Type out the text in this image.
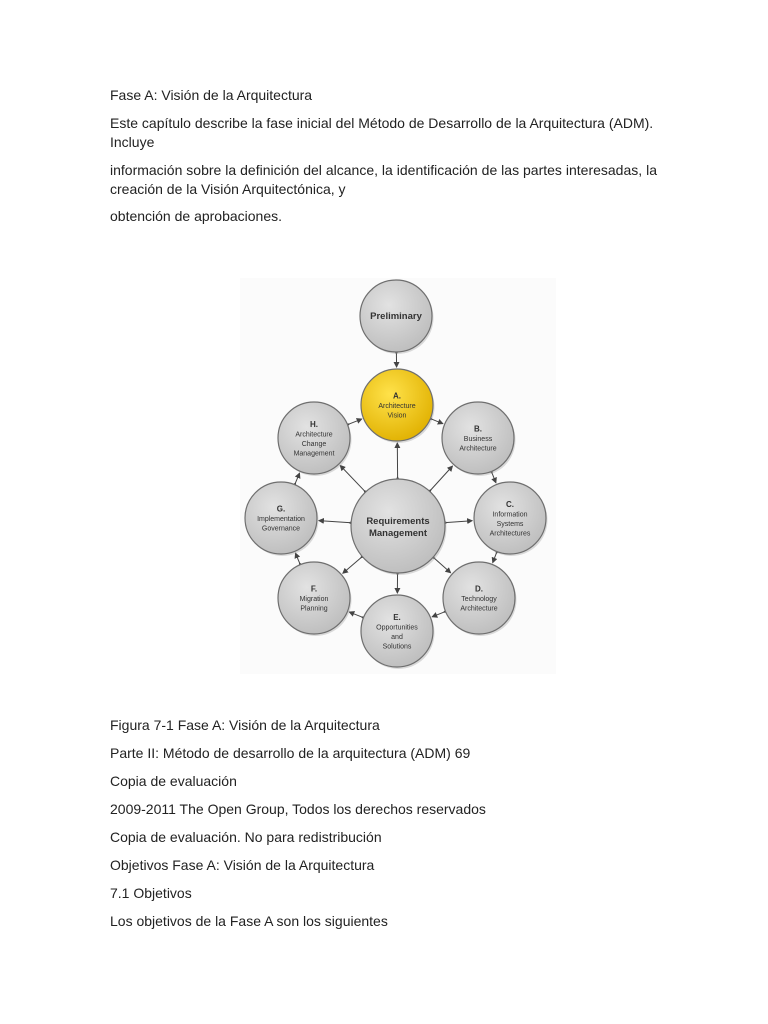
Fase A: Visión de la Arquitectura

Este capítulo describe la fase inicial del Método de Desarrollo de la Arquitectura (ADM). Incluye

información sobre la definición del alcance, la identificación de las partes interesadas, la creación de la Visión Arquitectónica, y

obtención de aprobaciones.

Preliminary
Requirements
Management
A.
Architecture
Vision
B.
Business
Architecture
C.
Information
Systems
Architectures
D.
Technology
Architecture
E.
Opportunities
and
Solutions
F.
Migration
Planning
G.
Implementation
Governance
H.
Architecture
Change
Management

Figura 7-1 Fase A: Visión de la Arquitectura

Parte II: Método de desarrollo de la arquitectura (ADM) 69

Copia de evaluación

2009-2011 The Open Group, Todos los derechos reservados

Copia de evaluación. No para redistribución

Objetivos Fase A: Visión de la Arquitectura

7.1 Objetivos

Los objetivos de la Fase A son los siguientes
